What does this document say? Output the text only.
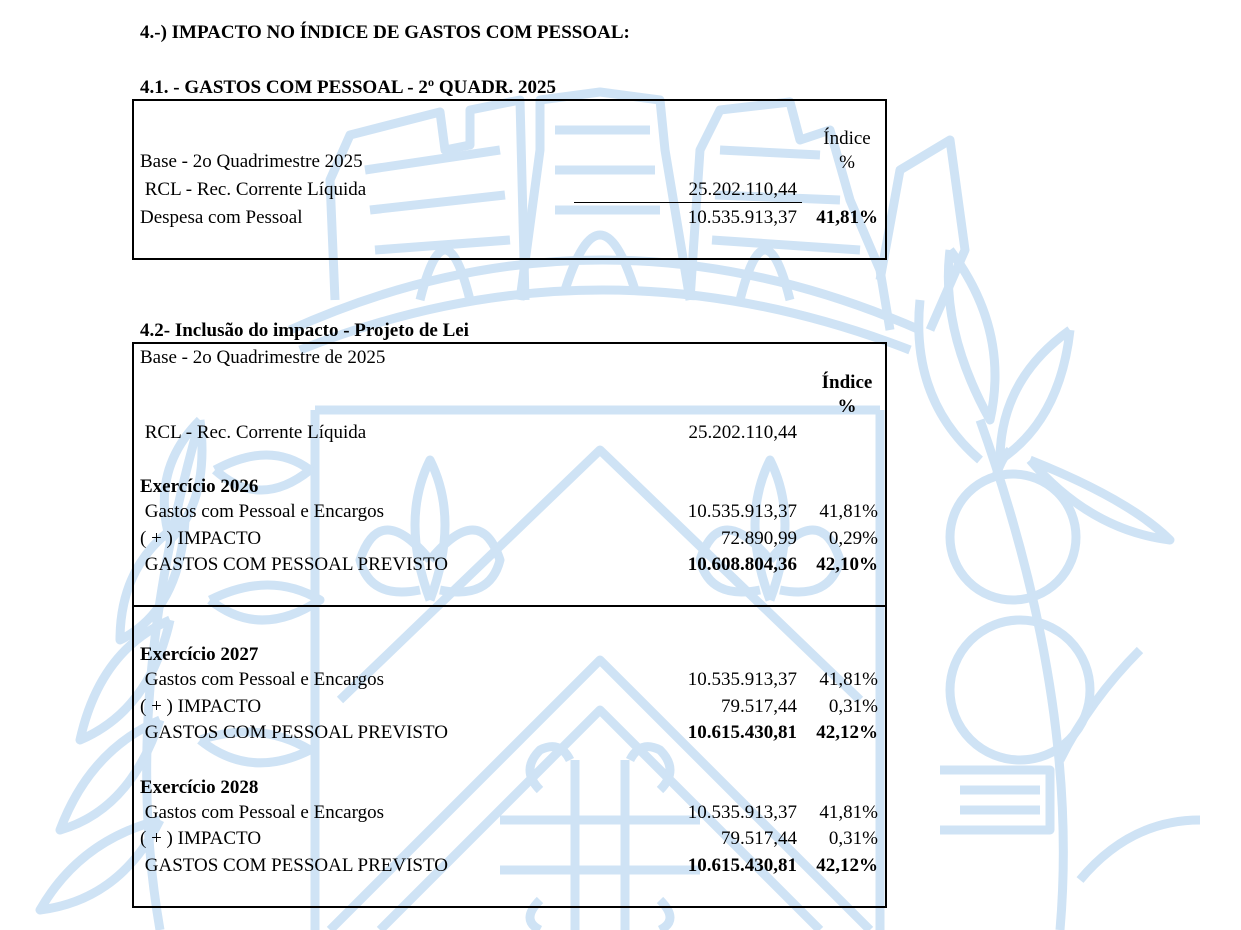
4.-) IMPACTO NO ÍNDICE DE GASTOS COM PESSOAL:
4.1. - GASTOS COM PESSOAL - 2º QUADR. 2025
Índice
%
Base - 2o Quadrimestre 2025
RCL - Rec. Corrente Líquida	25.202.110,44
Despesa com Pessoal	10.535.913,37	41,81%
4.2- Inclusão do impacto - Projeto de Lei
Base - 2o Quadrimestre de 2025
Índice
%
RCL - Rec. Corrente Líquida	25.202.110,44
Exercício 2026
Gastos com Pessoal e Encargos	10.535.913,37	41,81%
( + ) IMPACTO	72.890,99	0,29%
GASTOS COM PESSOAL PREVISTO	10.608.804,36	42,10%
Exercício 2027
Gastos com Pessoal e Encargos	10.535.913,37	41,81%
( + ) IMPACTO	79.517,44	0,31%
GASTOS COM PESSOAL PREVISTO	10.615.430,81	42,12%
Exercício 2028
Gastos com Pessoal e Encargos	10.535.913,37	41,81%
( + ) IMPACTO	79.517,44	0,31%
GASTOS COM PESSOAL PREVISTO	10.615.430,81	42,12%
